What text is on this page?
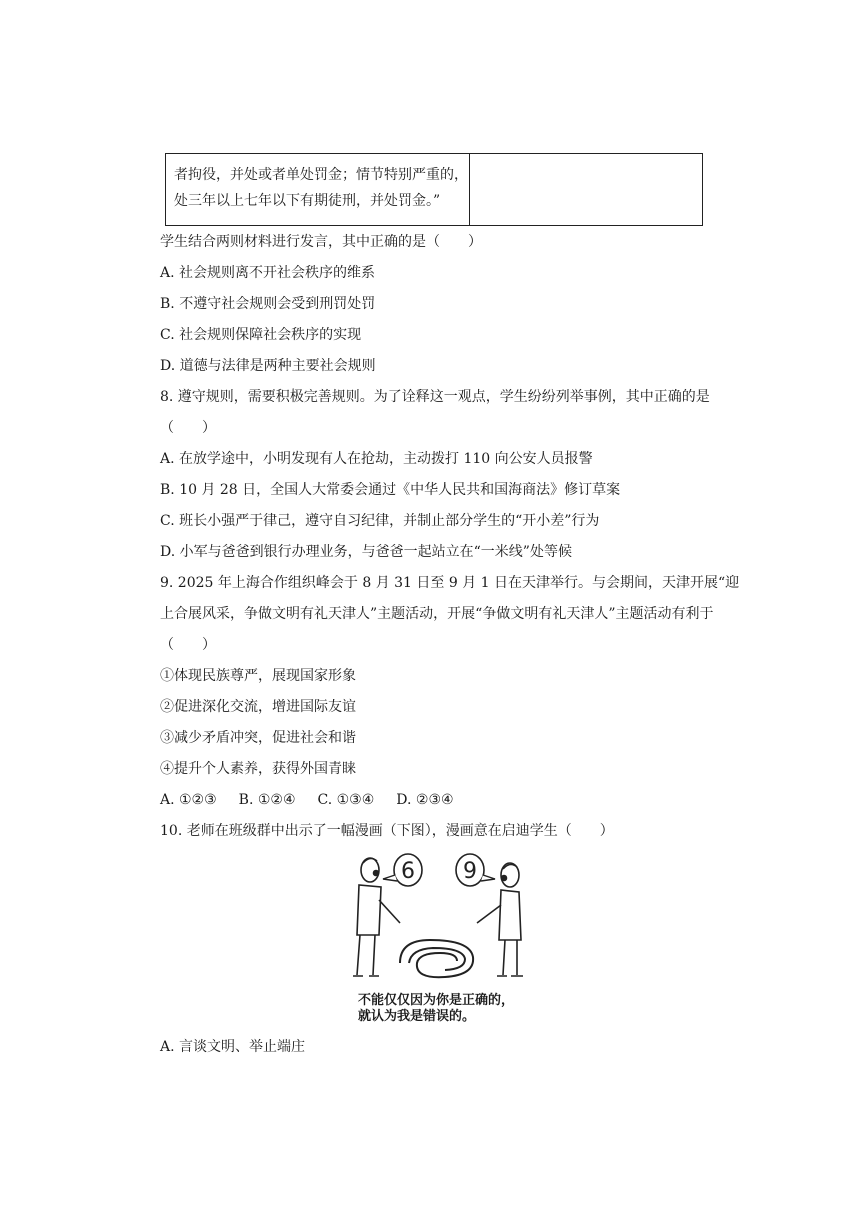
者拘役，并处或者单处罚金；情节特别严重的，
处三年以上七年以下有期徒刑，并处罚金。”
学生结合两则材料进行发言，其中正确的是（　　）
A. 社会规则离不开社会秩序的维系
B. 不遵守社会规则会受到刑罚处罚
C. 社会规则保障社会秩序的实现
D. 道德与法律是两种主要社会规则
8. 遵守规则，需要积极完善规则。为了诠释这一观点，学生纷纷列举事例，其中正确的是
（　　）
A. 在放学途中，小明发现有人在抢劫，主动拨打 110 向公安人员报警
B. 10 月 28 日，全国人大常委会通过《中华人民共和国海商法》修订草案
C. 班长小强严于律己，遵守自习纪律，并制止部分学生的“开小差”行为
D. 小军与爸爸到银行办理业务，与爸爸一起站立在“一米线”处等候
9. 2025 年上海合作组织峰会于 8 月 31 日至 9 月 1 日在天津举行。与会期间，天津开展“迎
上合展风采，争做文明有礼天津人”主题活动，开展“争做文明有礼天津人”主题活动有利于
（　　）
①体现民族尊严，展现国家形象
②促进深化交流，增进国际友谊
③减少矛盾冲突，促进社会和谐
④提升个人素养，获得外国青睐
A. ①②③ B. ①②④ C. ①③④ D. ②③④
10. 老师在班级群中出示了一幅漫画（下图），漫画意在启迪学生（　　）
6 9
不能仅仅因为你是正确的，
就认为我是错误的。
A. 言谈文明、举止端庄
